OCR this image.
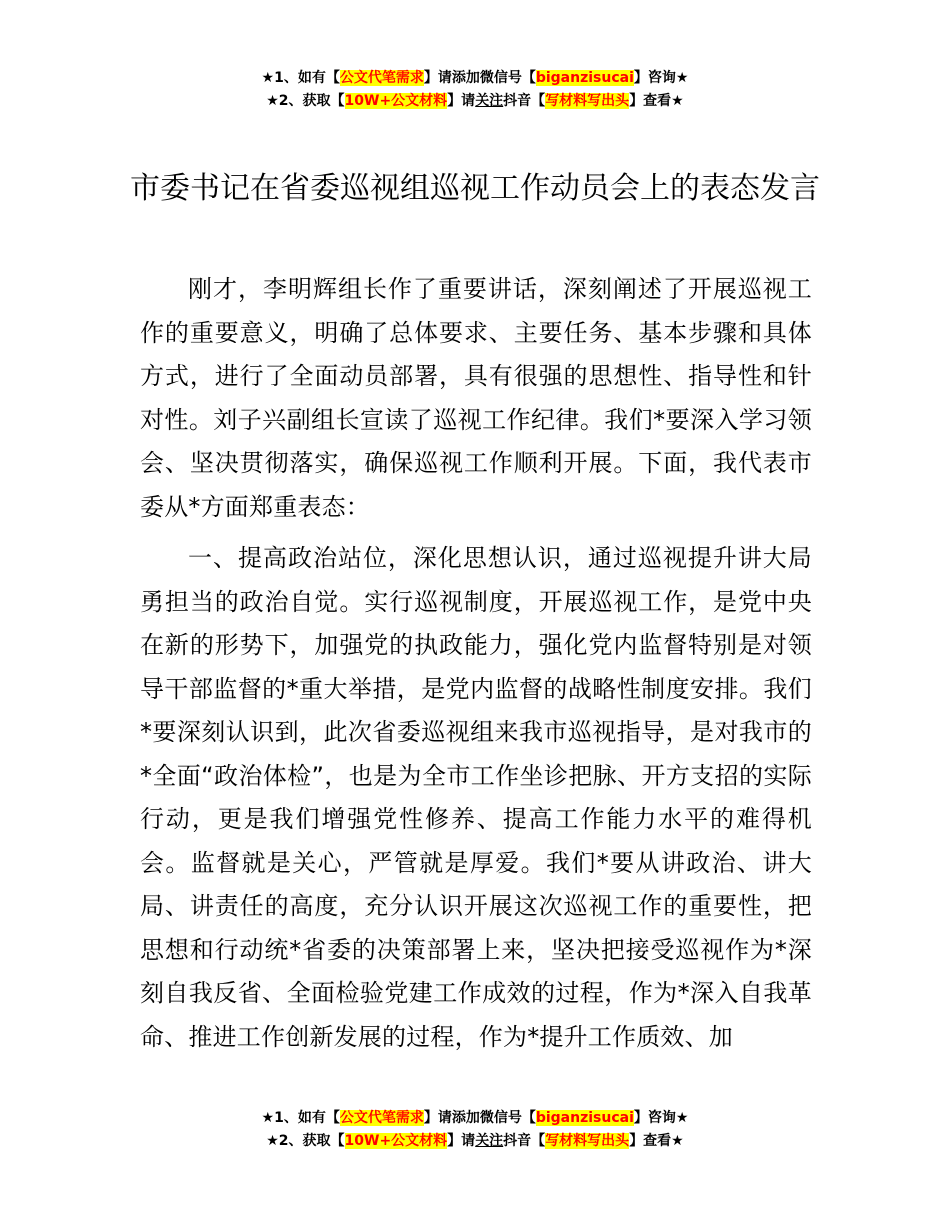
★1、如有【公文代笔需求】请添加微信号【biganzisucai】咨询★
★2、获取【10W+公文材料】请关注抖音【写材料写出头】查看★
市委书记在省委巡视组巡视工作动员会上的表态发言

刚才，李明辉组长作了重要讲话，深刻阐述了开展巡视工作的重要意义，明确了总体要求、主要任务、基本步骤和具体方式，进行了全面动员部署，具有很强的思想性、指导性和针对性。刘子兴副组长宣读了巡视工作纪律。我们*要深入学习领会、坚决贯彻落实，确保巡视工作顺利开展。下面，我代表市委从*方面郑重表态：

一、提高政治站位，深化思想认识，通过巡视提升讲大局勇担当的政治自觉。实行巡视制度，开展巡视工作，是党中央在新的形势下，加强党的执政能力，强化党内监督特别是对领导干部监督的*重大举措，是党内监督的战略性制度安排。我们*要深刻认识到，此次省委巡视组来我市巡视指导，是对我市的*全面“政治体检”，也是为全市工作坐诊把脉、开方支招的实际行动，更是我们增强党性修养、提高工作能力水平的难得机会。监督就是关心，严管就是厚爱。我们*要从讲政治、讲大局、讲责任的高度，充分认识开展这次巡视工作的重要性，把思想和行动统*省委的决策部署上来，坚决把接受巡视作为*深刻自我反省、全面检验党建工作成效的过程，作为*深入自我革命、推进工作创新发展的过程，作为*提升工作质效、加

★1、如有【公文代笔需求】请添加微信号【biganzisucai】咨询★
★2、获取【10W+公文材料】请关注抖音【写材料写出头】查看★
